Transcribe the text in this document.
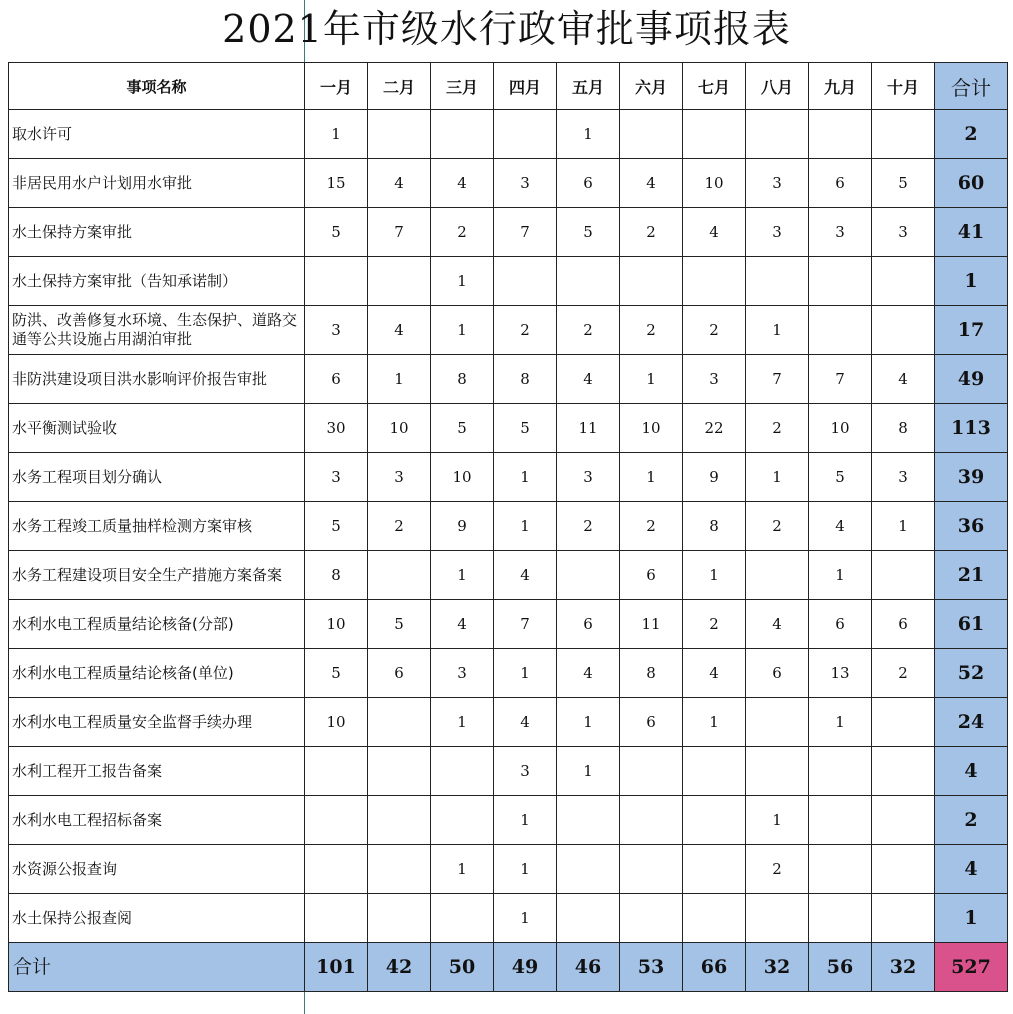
2021年市级水行政审批事项报表
事项名称	一月	二月	三月	四月	五月	六月	七月	八月	九月	十月	合计
取水许可	1				1						2
非居民用水户计划用水审批	15	4	4	3	6	4	10	3	6	5	60
水土保持方案审批	5	7	2	7	5	2	4	3	3	3	41
水土保持方案审批（告知承诺制）			1								1
防洪、改善修复水环境、生态保护、道路交通等公共设施占用湖泊审批	3	4	1	2	2	2	2	1			17
非防洪建设项目洪水影响评价报告审批	6	1	8	8	4	1	3	7	7	4	49
水平衡测试验收	30	10	5	5	11	10	22	2	10	8	113
水务工程项目划分确认	3	3	10	1	3	1	9	1	5	3	39
水务工程竣工质量抽样检测方案审核	5	2	9	1	2	2	8	2	4	1	36
水务工程建设项目安全生产措施方案备案	8		1	4		6	1		1		21
水利水电工程质量结论核备(分部)	10	5	4	7	6	11	2	4	6	6	61
水利水电工程质量结论核备(单位)	5	6	3	1	4	8	4	6	13	2	52
水利水电工程质量安全监督手续办理	10		1	4	1	6	1		1		24
水利工程开工报告备案				3	1						4
水利水电工程招标备案				1				1			2
水资源公报查询			1	1				2			4
水土保持公报查阅				1							1
合计	101	42	50	49	46	53	66	32	56	32	527
